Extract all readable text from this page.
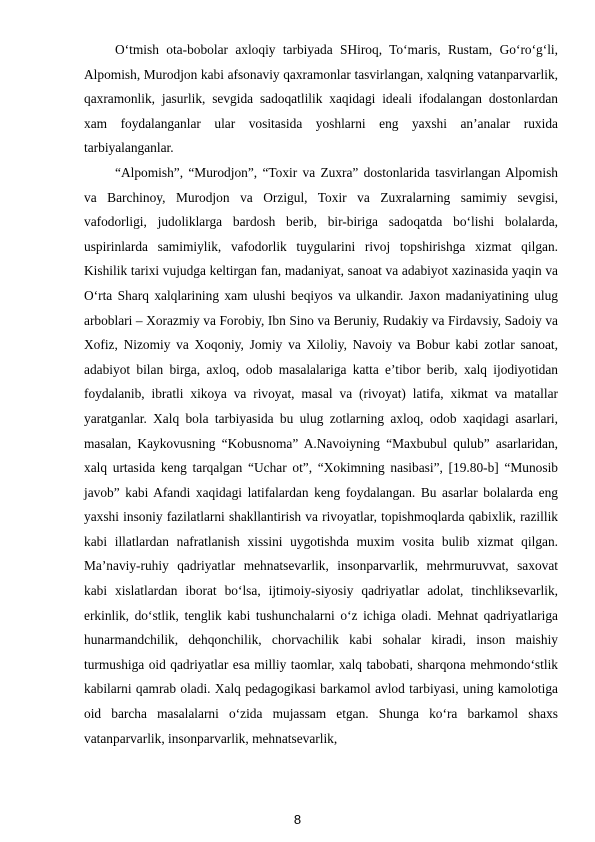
O‘tmish ota-bobolar axloqiy tarbiyada SHiroq, To‘maris, Rustam, Go‘ro‘g‘li, Alpomish, Murodjon kabi afsonaviy qaxramonlar tasvirlangan, xalqning vatanparvarlik, qaxramonlik, jasurlik, sevgida sadoqatlilik xaqidagi ideali ifodalangan dostonlardan xam foydalanganlar ular vositasida yoshlarni eng yaxshi an’analar ruxida tarbiyalanganlar.

“Alpomish”, “Murodjon”, “Toxir va Zuxra” dostonlarida tasvirlangan Alpomish va Barchinoy, Murodjon va Orzigul, Toxir va Zuxralarning samimiy sevgisi, vafodorligi, judoliklarga bardosh berib, bir-biriga sadoqatda bo‘lishi bolalarda, uspirinlarda samimiylik, vafodorlik tuygularini rivoj topshirishga xizmat qilgan. Kishilik tarixi vujudga keltirgan fan, madaniyat, sanoat va adabiyot xazinasida yaqin va O‘rta Sharq xalqlarining xam ulushi beqiyos va ulkandir. Jaxon madaniyatining ulug arboblari – Xorazmiy va Forobiy, Ibn Sino va Beruniy, Rudakiy va Firdavsiy, Sadoiy va Xofiz, Nizomiy va Xoqoniy, Jomiy va Xiloliy, Navoiy va Bobur kabi zotlar sanoat, adabiyot bilan birga, axloq, odob masalalariga katta e’tibor berib, xalq ijodiyotidan foydalanib, ibratli xikoya va rivoyat, masal va (rivoyat) latifa, xikmat va matallar yaratganlar. Xalq bola tarbiyasida bu ulug zotlarning axloq, odob xaqidagi asarlari, masalan, Kaykovusning “Kobusnoma” A.Navoiyning “Maxbubul qulub” asarlaridan, xalq urtasida keng tarqalgan “Uchar ot”, “Xokimning nasibasi”, [19.80-b] “Munosib javob” kabi Afandi xaqidagi latifalardan keng foydalangan. Bu asarlar bolalarda eng yaxshi insoniy fazilatlarni shakllantirish va rivoyatlar, topishmoqlarda qabixlik, razillik kabi illatlardan nafratlanish xissini uygotishda muxim vosita bulib xizmat qilgan. Ma’naviy-ruhiy qadriyatlar mehnatsevarlik, insonparvarlik, mehrmuruvvat, saxovat kabi xislatlardan iborat bo‘lsa, ijtimoiy-siyosiy qadriyatlar adolat, tinchliksevarlik, erkinlik, do‘stlik, tenglik kabi tushunchalarni o‘z ichiga oladi. Mehnat qadriyatlariga hunarmandchilik, dehqonchilik, chorvachilik kabi sohalar kiradi, inson maishiy turmushiga oid qadriyatlar esa milliy taomlar, xalq tabobati, sharqona mehmondo‘stlik kabilarni qamrab oladi. Xalq pedagogikasi barkamol avlod tarbiyasi, uning kamolotiga oid barcha masalalarni o‘zida mujassam etgan. Shunga ko‘ra barkamol shaxs vatanparvarlik, insonparvarlik, mehnatsevarlik,

8
